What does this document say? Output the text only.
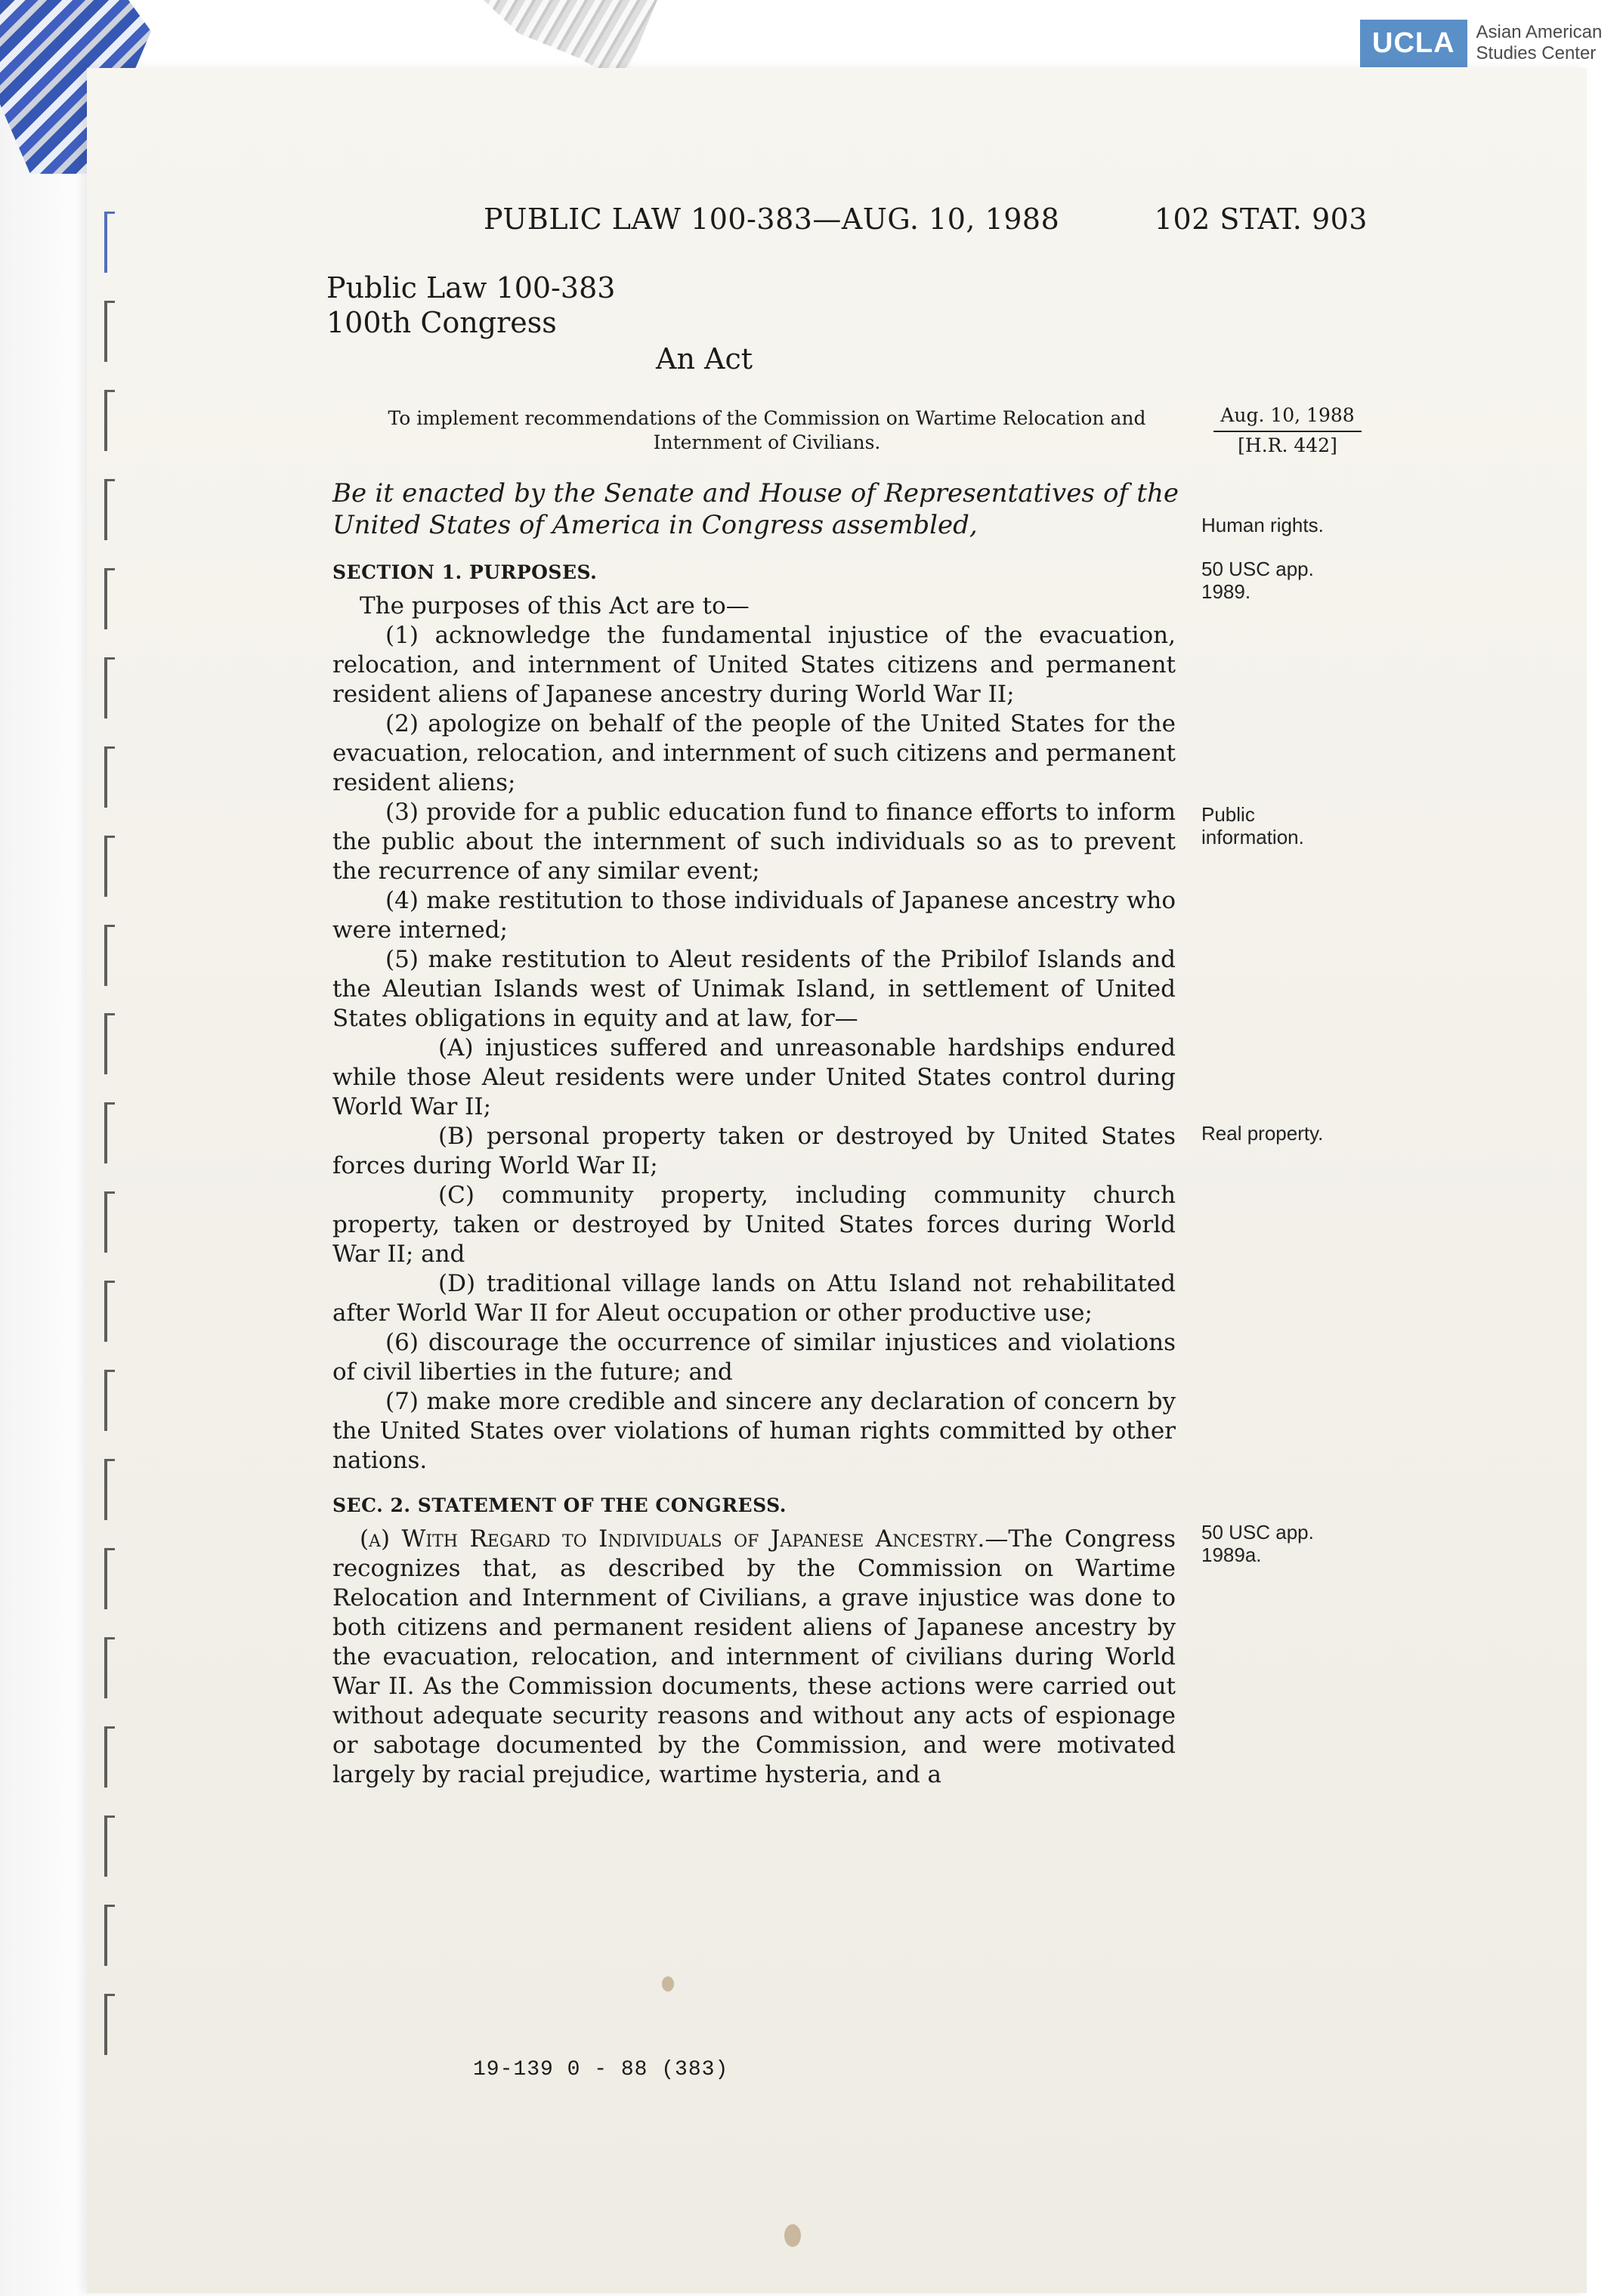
UCLA	Asian American
Studies Center
PUBLIC LAW 100-383—AUG. 10, 1988	102 STAT. 903
Public Law 100-383
100th Congress
An Act
To implement recommendations of the Commission on Wartime Relocation and
Internment of Civilians.
Aug. 10, 1988
[H.R. 442]
Be it enacted by the Senate and House of Representatives of the United States of America in Congress assembled,

SECTION 1. PURPOSES.

The purposes of this Act are to—

(1) acknowledge the fundamental injustice of the evacuation, relocation, and internment of United States citizens and permanent resident aliens of Japanese ancestry during World War II;

(2) apologize on behalf of the people of the United States for the evacuation, relocation, and internment of such citizens and permanent resident aliens;

(3) provide for a public education fund to finance efforts to inform the public about the internment of such individuals so as to prevent the recurrence of any similar event;

(4) make restitution to those individuals of Japanese ancestry who were interned;

(5) make restitution to Aleut residents of the Pribilof Islands and the Aleutian Islands west of Unimak Island, in settlement of United States obligations in equity and at law, for—

(A) injustices suffered and unreasonable hardships endured while those Aleut residents were under United States control during World War II;

(B) personal property taken or destroyed by United States forces during World War II;

(C) community property, including community church property, taken or destroyed by United States forces during World War II; and

(D) traditional village lands on Attu Island not rehabilitated after World War II for Aleut occupation or other productive use;

(6) discourage the occurrence of similar injustices and violations of civil liberties in the future; and

(7) make more credible and sincere any declaration of concern by the United States over violations of human rights committed by other nations.

SEC. 2. STATEMENT OF THE CONGRESS.

(a) With Regard to Individuals of Japanese Ancestry.—The Congress recognizes that, as described by the Commission on Wartime Relocation and Internment of Civilians, a grave injustice was done to both citizens and permanent resident aliens of Japanese ancestry by the evacuation, relocation, and internment of civilians during World War II. As the Commission documents, these actions were carried out without adequate security reasons and without any acts of espionage or sabotage documented by the Commission, and were motivated largely by racial prejudice, wartime hysteria, and a

Human rights.
50 USC app.
1989.
Public
information.
Real property.
50 USC app.
1989a.
19-139 0 - 88 (383)
